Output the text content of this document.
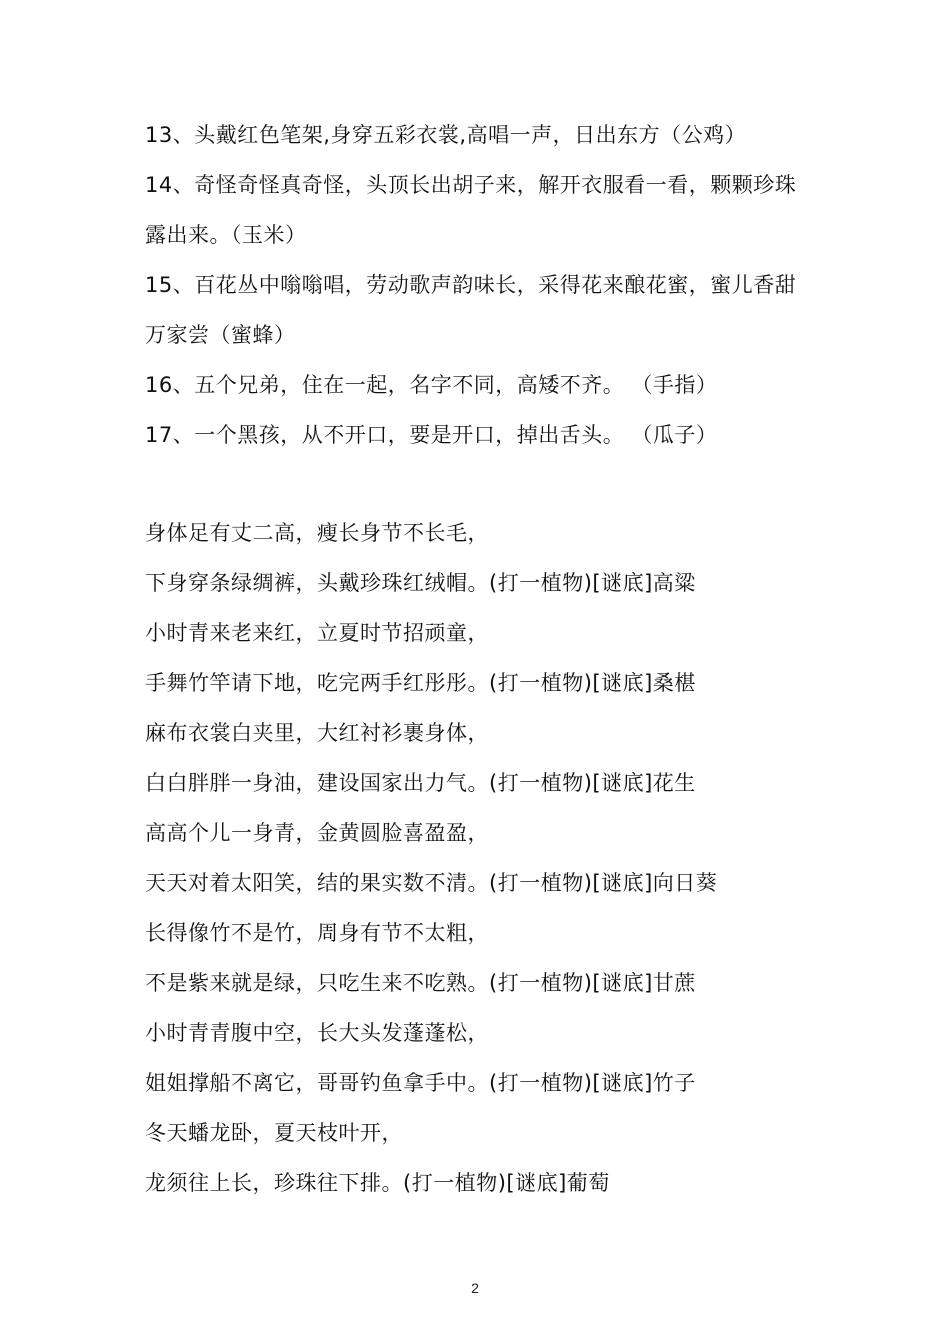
13、头戴红色笔架,身穿五彩衣裳,高唱一声，日出东方（公鸡）
14、奇怪奇怪真奇怪，头顶长出胡子来，解开衣服看一看，颗颗珍珠
露出来。（玉米）
15、百花丛中嗡嗡唱，劳动歌声韵味长，采得花来酿花蜜，蜜儿香甜
万家尝（蜜蜂）
16、五个兄弟，住在一起，名字不同，高矮不齐。 （手指）
17、一个黑孩，从不开口，要是开口，掉出舌头。 （瓜子）
身体足有丈二高，瘦长身节不长毛，
下身穿条绿绸裤，头戴珍珠红绒帽。(打一植物)[谜底]高粱
小时青来老来红，立夏时节招顽童，
手舞竹竿请下地，吃完两手红彤彤。(打一植物)[谜底]桑椹
麻布衣裳白夹里，大红衬衫裹身体，
白白胖胖一身油，建设国家出力气。(打一植物)[谜底]花生
高高个儿一身青，金黄圆脸喜盈盈，
天天对着太阳笑，结的果实数不清。(打一植物)[谜底]向日葵
长得像竹不是竹，周身有节不太粗，
不是紫来就是绿，只吃生来不吃熟。(打一植物)[谜底]甘蔗
小时青青腹中空，长大头发蓬蓬松，
姐姐撑船不离它，哥哥钓鱼拿手中。(打一植物)[谜底]竹子
冬天蟠龙卧，夏天枝叶开，
龙须往上长，珍珠往下排。(打一植物)[谜底]葡萄
2
